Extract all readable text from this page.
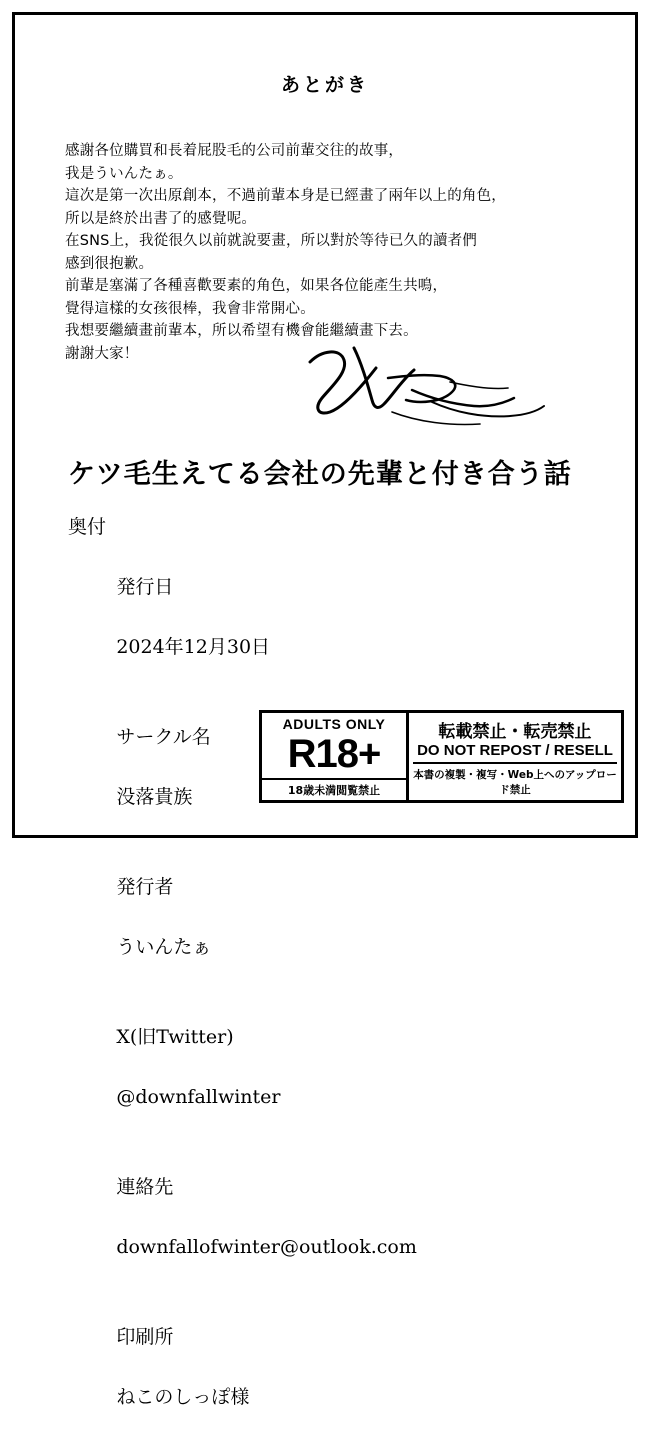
あとがき
感謝各位購買和長着屁股毛的公司前輩交往的故事，
我是ういんたぁ。
這次是第一次出原創本，不過前輩本身是已經畫了兩年以上的角色，
所以是終於出書了的感覺呢。
在SNS上，我從很久以前就說要畫，所以對於等待已久的讀者們
感到很抱歉。
前輩是塞滿了各種喜歡要素的角色，如果各位能產生共鳴，
覺得這樣的女孩很棒，我會非常開心。
我想要繼續畫前輩本，所以希望有機會能繼續畫下去。
謝謝大家！
ケツ毛生えてる会社の先輩と付き合う話
奥付

発行日

2024年12月30日

サークル名

没落貴族

発行者

ういんたぁ

X(旧Twitter)

@downfallwinter

連絡先

downfallofwinter@outlook.com

印刷所

ねこのしっぽ様

ADULTS ONLY
R18+
18歳未満閲覧禁止
転載禁止・転売禁止
DO NOT REPOST / RESELL
本書の複製・複写・Web上へのアップロード禁止
